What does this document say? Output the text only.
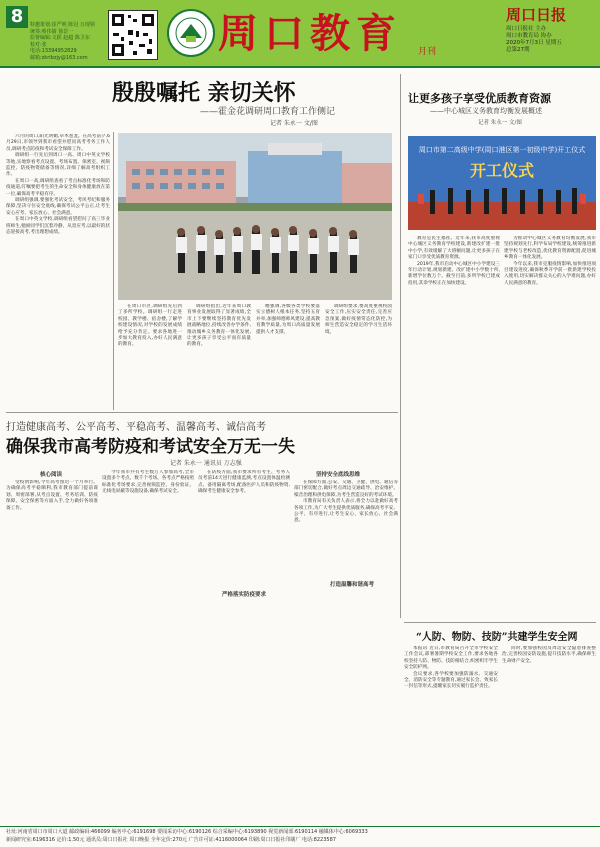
8	特邀策划:崔严明 陈冠 万现领
统筹:蔡伟婧 徐景一
监督编辑:文跃 赵超 陈卫东
校对:张
电话:13394952829
邮箱:zkribzjy@163.com
周口教育 月刊
周口日报
周口日报社 主办
周口市教育局 协办
2020年7月3日 星期五
总第27期
殷殷嘱托 亲切关怀
——霍金花调研周口教育工作侧记
记者 朱永一 文/图

六月的周口,阳光明媚,草木葱茏。在高考前夕,6月29日,市领导到我市看望并慰问高考考务工作人员,调研考点防疫和考试安全保障工作。

调研组一行先后到周口一高、周口中英文学校等地,实地察看考点设置、考场布置、保密室、视频监控、防疫物资储备等情况,详细了解高考组织工作。

在周口一高,调研组查看了考点标准化考场和防疫通道,叮嘱要把考生的生命安全和身体健康放在第一位,确保高考平稳有序。

调研组强调,要强化考试安全、考风考纪和服务保障,坚决守住安全底线,确保考试公平公正,让考生安心应考、家长放心、社会满意。

在周口中英文学校,调研组看望慰问了高三毕业班师生,勉励同学们沉着冷静、从容应考,以最好的状态迎接高考,考出理想成绩。

在周口市区,调研组先后到了多所学校。调研组一行走进校园、教学楼、宿舍楼,了解学校建设情况,对学校的发展成绩给予充分肯定。要求各地进一步加大教育投入,办好人民满意的教育。

调研组指出,近年来周口教育事业发展取得了显著成绩,全市上下要继续坚持教育优先发展战略地位,持续改善办学条件,推动城乡义务教育一体化发展,让更多孩子享受公平而有质量的教育。

她强调,各级各类学校要落实立德树人根本任务,坚持五育并举,加强师德师风建设,提高教育教学质量,为周口高质量发展提供人才支撑。

调研组要求,要高度重视校园安全工作,压实安全责任,完善应急预案,做好疫情常态化防控,为师生营造安全稳定的学习生活环境。

让更多孩子享受优质教育资源
——中心城区义务教育均衡发展概述
记者 朱永一 文/图
周口市第二高级中学(周口港区第一初级中学)开工仪式
开工仪式

教育是民生福祉。近年来,我市高度重视中心城区义务教育学校建设,新建改扩建一批中小学,有效缓解了大班额问题,让更多孩子在家门口享受优质教育资源。

2019年,我市启动中心城区中小学建设三年行动计划,规划新建、改扩建中小学数十所,新增学位数万个。截至目前,多所学校已建成投用,其余学校正在加快建设。

为推动中心城区义务教育均衡发展,我市坚持规划先行,科学布局学校建设,统筹推进新建学校与老校改造,优化教育资源配置,促进城乡教育一体化发展。

今年以来,我市克服疫情影响,加快推进项目建设进度,确保秋季开学前一批新建学校投入使用,切实解决群众关心的入学难问题,办好人民满意的教育。

打造健康高考、公平高考、平稳高考、温馨高考、诚信高考
确保我市高考防疫和考试安全万无一失
记者 朱永一 通讯员 万志强
核心阅读

受疫情影响,今年高考推迟一个月举行。为确保高考平稳顺利,我市教育部门提前谋划、周密部署,从考点设置、考务培训、防疫保障、安全保密等方面入手,全力做好各项准备工作。

今年我市共有考生数万人参加高考,全市设置多个考点、数千个考场。各考点严格按照标准化考场要求,完善视频监控、身份验证、无线电屏蔽等设施设备,确保考试安全。

严格落实防疫要求

在防疫方面,我市要求所有考生、考务人员考前14天进行健康监测,考点设置体温检测点、备用隔离考场,配备医护人员和防疫物资,确保考生健康安全参考。

坚持安全底线思维

在保障方面,公安、交通、卫健、供电、通信等部门密切配合,做好考点周边交通疏导、治安维护、噪音治理和供电保障,为考生营造良好的考试环境。

市教育局有关负责人表示,将全力以赴做好高考各项工作,为广大考生提供优质服务,确保高考平安、公平、有序进行,让考生安心、家长放心、社会满意。

打造温馨和谐高考
“人防、物防、技防”共建学生安全网

本报讯 近日,市教育局召开全市学校安全工作会议,部署暑期学校安全工作,要求各地各校坚持人防、物防、技防相结合,织密织牢学生安全防护网。

会议要求,各学校要加强防溺水、交通安全、消防安全等专题教育,通过家长会、致家长一封信等形式,提醒家长切实履行监护责任。

同时,要加强校园及周边安全隐患排查整治,完善校园安防设施,提升技防水平,确保师生生命财产安全。

社址:河南省周口市周口大道 邮政编码:466099 编务中心:6191698 要闻采访中心:6190126 综合采编中心:6193890 视觉新闻部:6190114 融媒体中心:6069333
新闻研究室:6196316 定价:1.50元 通讯员:周口日报社 周口晚报 全年定价:270元 广告许可证:4116000064 印刷:周口日报社印刷厂 电话:8223587
